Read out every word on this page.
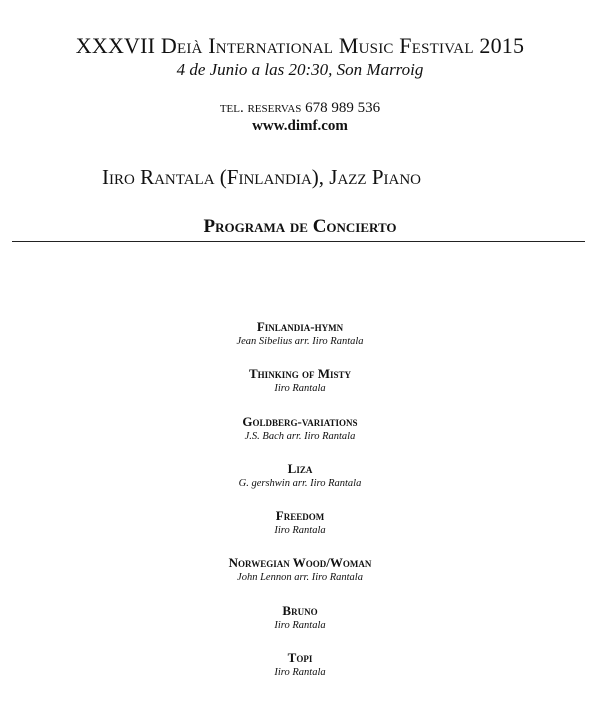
XXXVII Deià International Music Festival 2015
4 de Junio a las 20:30, Son Marroig
tel. reservas 678 989 536
www.dimf.com
Iiro Rantala (Finlandia), Jazz Piano
Programa de Concierto
Finlandia-hymn
Jean Sibelius arr. Iiro Rantala
Thinking of Misty
Iiro Rantala
Goldberg-variations
J.S. Bach arr. Iiro Rantala
Liza
G. gershwin arr. Iiro Rantala
Freedom
Iiro Rantala
Norwegian Wood/Woman
John Lennon arr. Iiro Rantala
Bruno
Iiro Rantala
Topi
Iiro Rantala
